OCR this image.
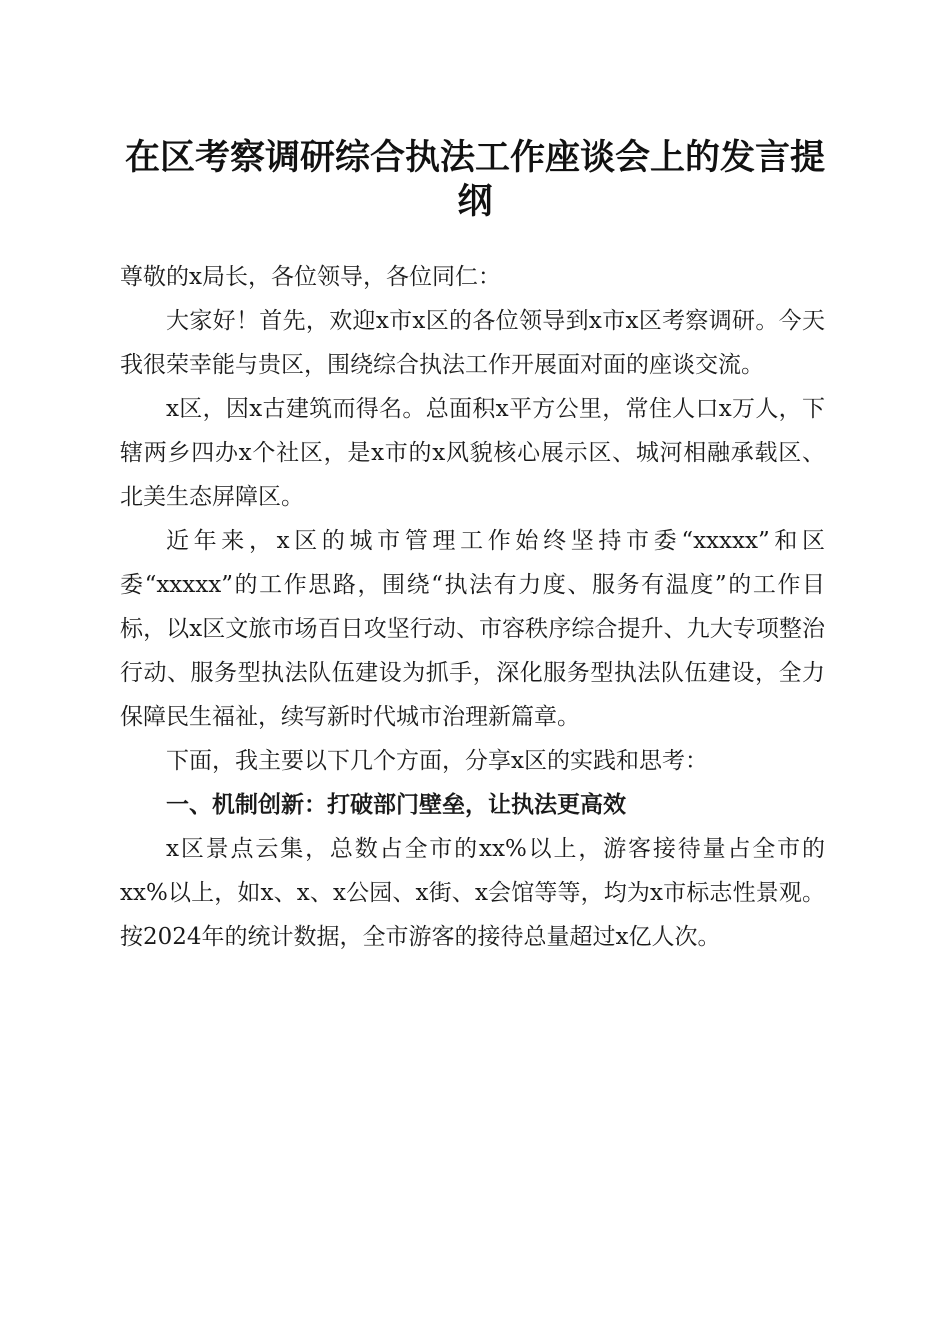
在区考察调研综合执法工作座谈会上的发言提纲

尊敬的x局长，各位领导，各位同仁：

大家好！首先，欢迎x市x区的各位领导到x市x区考察调研。今天我很荣幸能与贵区，围绕综合执法工作开展面对面的座谈交流。

x区，因x古建筑而得名。总面积x平方公里，常住人口x万人，下辖两乡四办x个社区，是x市的x风貌核心展示区、城河相融承载区、北美生态屏障区。

近年来，x区的城市管理工作始终坚持市委“xxxxx”和区委“xxxxx”的工作思路，围绕“执法有力度、服务有温度”的工作目标，以x区文旅市场百日攻坚行动、市容秩序综合提升、九大专项整治行动、服务型执法队伍建设为抓手，深化服务型执法队伍建设，全力保障民生福祉，续写新时代城市治理新篇章。

下面，我主要以下几个方面，分享x区的实践和思考：

一、机制创新：打破部门壁垒，让执法更高效

x区景点云集，总数占全市的xx%以上，游客接待量占全市的xx%以上，如x、x、x公园、x街、x会馆等等，均为x市标志性景观。按2024年的统计数据，全市游客的接待总量超过x亿人次。
